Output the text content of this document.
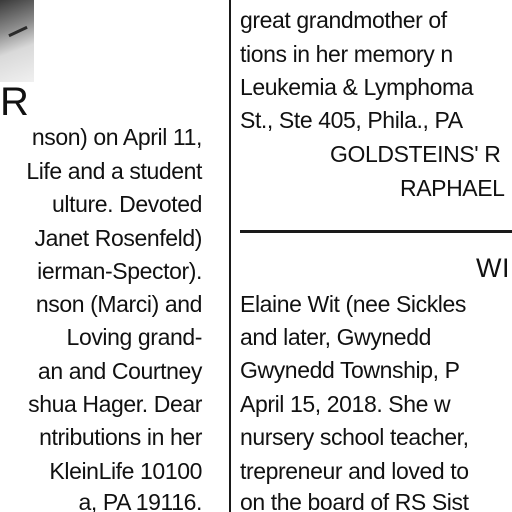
R
nson) on April 11,
Life and a student
ulture. Devoted
Janet Rosenfeld)
ierman-Spector).
nson (Marci) and
Loving grand-
an and Courtney
shua Hager. Dear
ntributions in her
KleinLife 10100
a, PA 19116.
great grandmother of
tions in her memory n
Leukemia & Lymphoma
St., Ste 405, Phila., PA
GOLDSTEINS' R
RAPHAEL
WI
Elaine Wit (nee Sickles
and later, Gwynedd
Gwynedd Township, P
April 15, 2018. She w
nursery school teacher,
trepreneur and loved to
on the board of RS Sist
